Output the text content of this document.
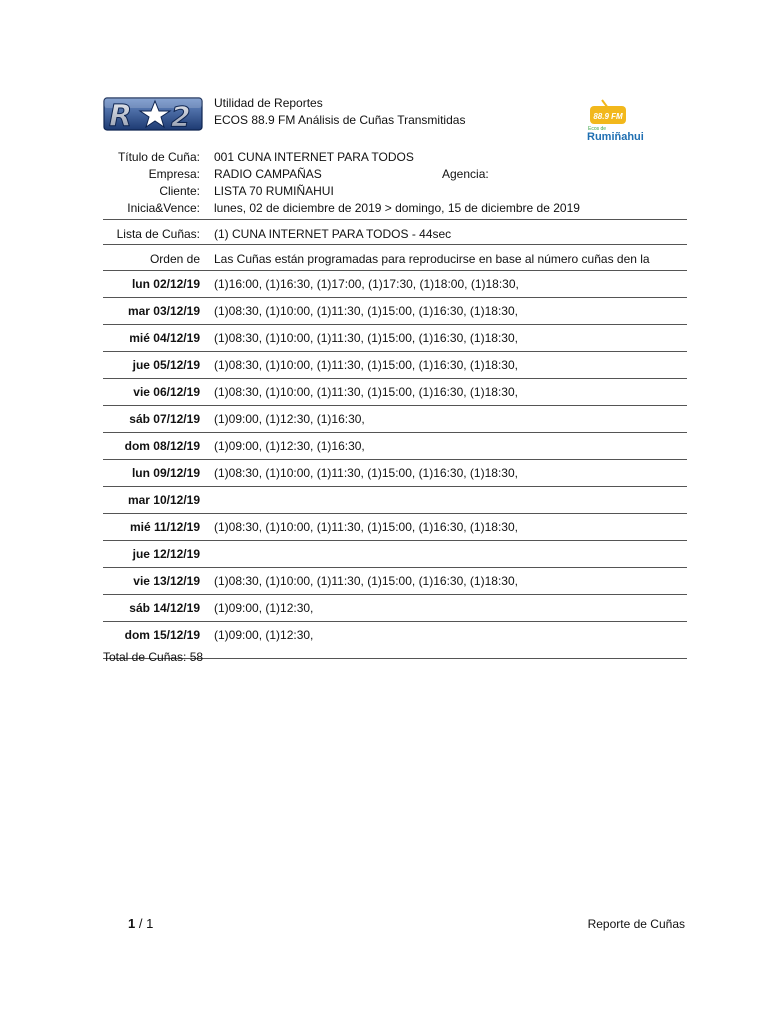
R 2 Utilidad de Reportes
ECOS 88.9 FM Análisis de Cuñas Transmitidas	88.9 FM
Ecos de
Rumiñahui
Título de Cuña: 001 CUNA INTERNET PARA TODOS
Empresa: RADIO CAMPAÑAS	Agencia:
Cliente: LISTA 70 RUMIÑAHUI
Inicia&Vence: lunes, 02 de diciembre de 2019 > domingo, 15 de diciembre de 2019
Lista de Cuñas: (1) CUNA INTERNET PARA TODOS - 44sec
Orden de Las Cuñas están programadas para reproducirse en base al número cuñas den la
lun 02/12/19 (1)16:00, (1)16:30, (1)17:00, (1)17:30, (1)18:00, (1)18:30,
mar 03/12/19 (1)08:30, (1)10:00, (1)11:30, (1)15:00, (1)16:30, (1)18:30,
mié 04/12/19 (1)08:30, (1)10:00, (1)11:30, (1)15:00, (1)16:30, (1)18:30,
jue 05/12/19 (1)08:30, (1)10:00, (1)11:30, (1)15:00, (1)16:30, (1)18:30,
vie 06/12/19 (1)08:30, (1)10:00, (1)11:30, (1)15:00, (1)16:30, (1)18:30,
sáb 07/12/19 (1)09:00, (1)12:30, (1)16:30,
dom 08/12/19 (1)09:00, (1)12:30, (1)16:30,
lun 09/12/19 (1)08:30, (1)10:00, (1)11:30, (1)15:00, (1)16:30, (1)18:30,
mar 10/12/19
mié 11/12/19 (1)08:30, (1)10:00, (1)11:30, (1)15:00, (1)16:30, (1)18:30,
jue 12/12/19
vie 13/12/19 (1)08:30, (1)10:00, (1)11:30, (1)15:00, (1)16:30, (1)18:30,
sáb 14/12/19 (1)09:00, (1)12:30,
dom 15/12/19 (1)09:00, (1)12:30,
Total de Cuñas: 58
1 / 1	Reporte de Cuñas
